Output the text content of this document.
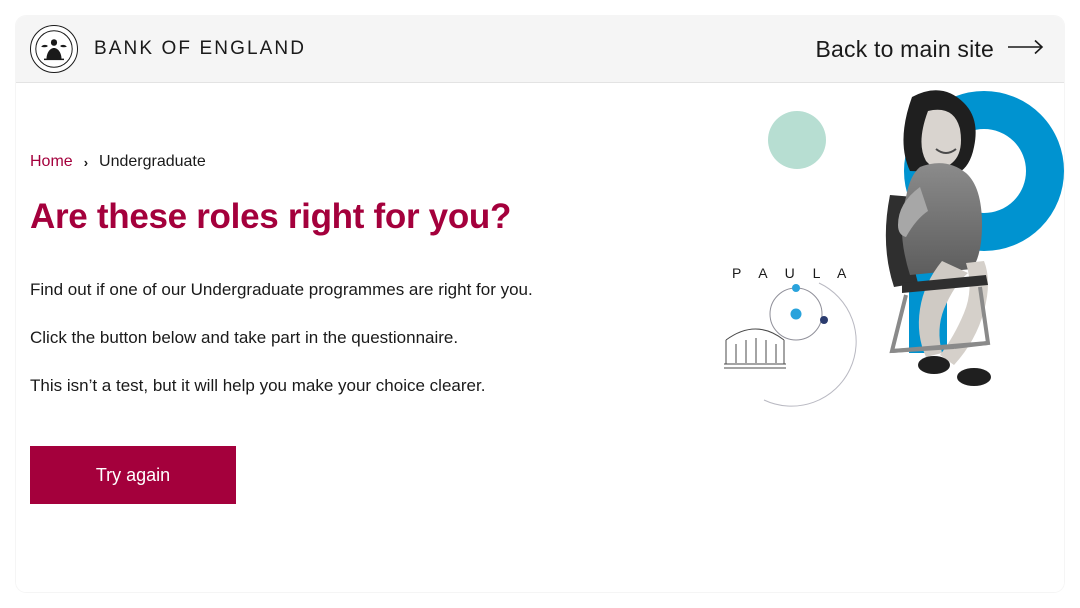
BANK OF ENGLAND	Back to main site
P A U L A
Home › Undergraduate
Are these roles right for you?

Find out if one of our Undergraduate programmes are right for you.

Click the button below and take part in the questionnaire.

This isn’t a test, but it will help you make your choice clearer.

Try again
